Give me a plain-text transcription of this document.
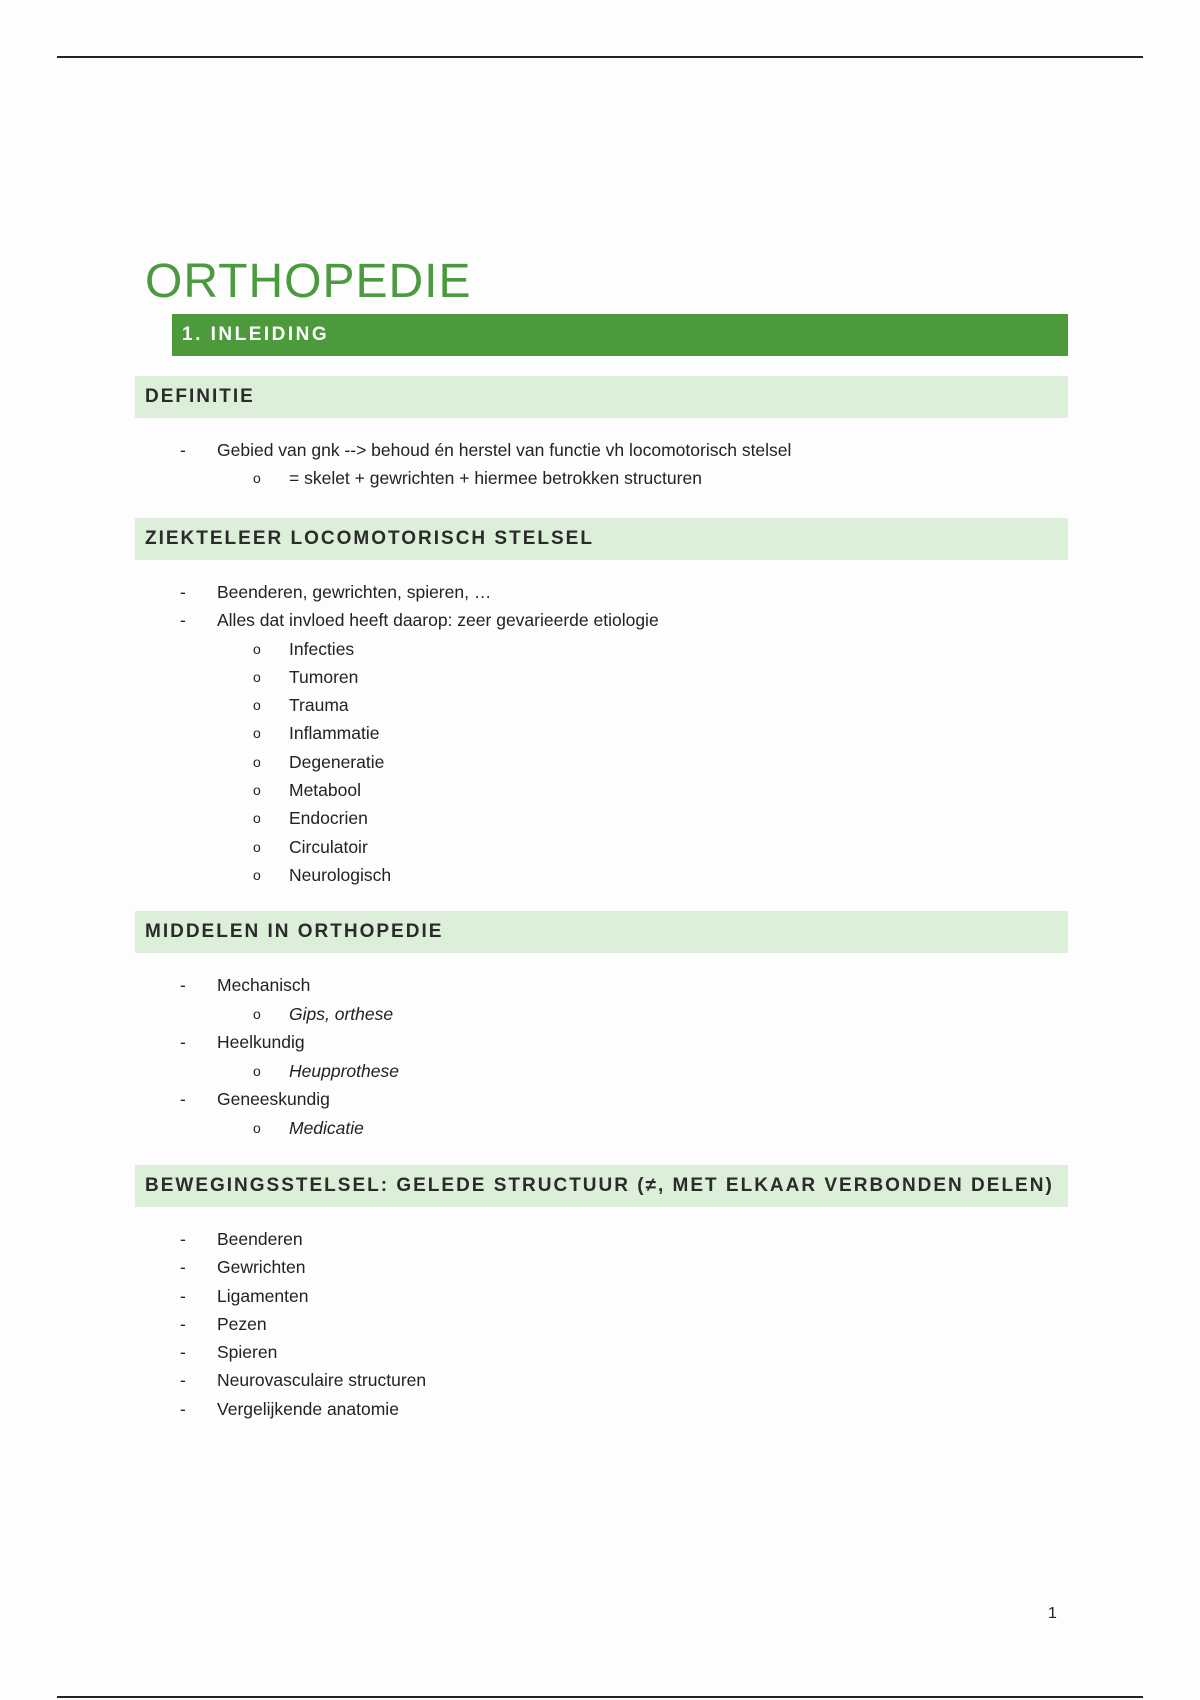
ORTHOPEDIE
1. INLEIDING
DEFINITIE
- Gebied van gnk --> behoud én herstel van functie vh locomotorisch stelsel
o = skelet + gewrichten + hiermee betrokken structuren
ZIEKTELEER LOCOMOTORISCH STELSEL
- Beenderen, gewrichten, spieren, …
- Alles dat invloed heeft daarop: zeer gevarieerde etiologie
o Infecties
o Tumoren
o Trauma
o Inflammatie
o Degeneratie
o Metabool
o Endocrien
o Circulatoir
o Neurologisch
MIDDELEN IN ORTHOPEDIE
- Mechanisch
o Gips, orthese
- Heelkundig
o Heupprothese
- Geneeskundig
o Medicatie
BEWEGINGSSTELSEL: GELEDE STRUCTUUR (≠, MET ELKAAR VERBONDEN DELEN)
- Beenderen
- Gewrichten
- Ligamenten
- Pezen
- Spieren
- Neurovasculaire structuren
- Vergelijkende anatomie
1
